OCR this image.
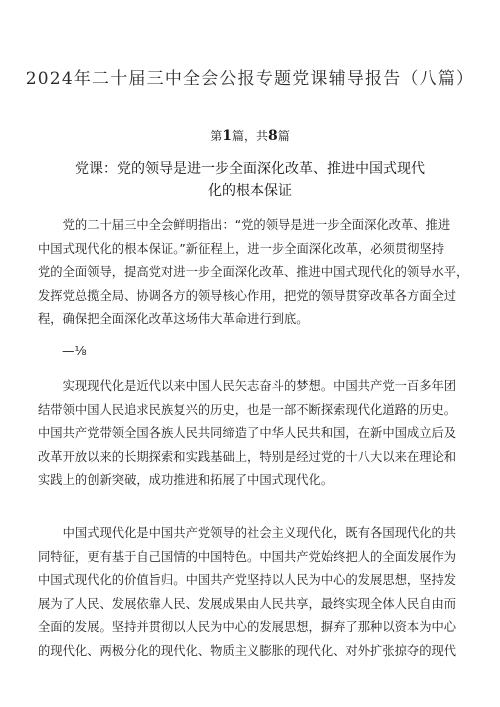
2024年二十届三中全会公报专题党课辅导报告（八篇）
第1篇，共8篇
党课：党的领导是进一步全面深化改革、推进中国式现代
化的根本保证
　　党的二十届三中全会鲜明指出：“党的领导是进一步全面深化改革、推进
中国式现代化的根本保证。”新征程上，进一步全面深化改革，必须贯彻坚持
党的全面领导，提高党对进一步全面深化改革、推进中国式现代化的领导水平，
发挥党总揽全局、协调各方的领导核心作用，把党的领导贯穿改革各方面全过
程，确保把全面深化改革这场伟大革命进行到底。
—⅛
　　实现现代化是近代以来中国人民矢志奋斗的梦想。中国共产党一百多年团
结带领中国人民追求民族复兴的历史，也是一部不断探索现代化道路的历史。
中国共产党带领全国各族人民共同缔造了中华人民共和国，在新中国成立后及
改革开放以来的长期探索和实践基础上，特别是经过党的十八大以来在理论和
实践上的创新突破，成功推进和拓展了中国式现代化。
　　中国式现代化是中国共产党领导的社会主义现代化，既有各国现代化的共
同特征，更有基于自己国情的中国特色。中国共产党始终把人的全面发展作为
中国式现代化的价值旨归。中国共产党坚持以人民为中心的发展思想，坚持发
展为了人民、发展依靠人民、发展成果由人民共享，最终实现全体人民自由而
全面的发展。坚持并贯彻以人民为中心的发展思想，摒弃了那种以资本为中心
的现代化、两极分化的现代化、物质主义膨胀的现代化、对外扩张掠夺的现代
